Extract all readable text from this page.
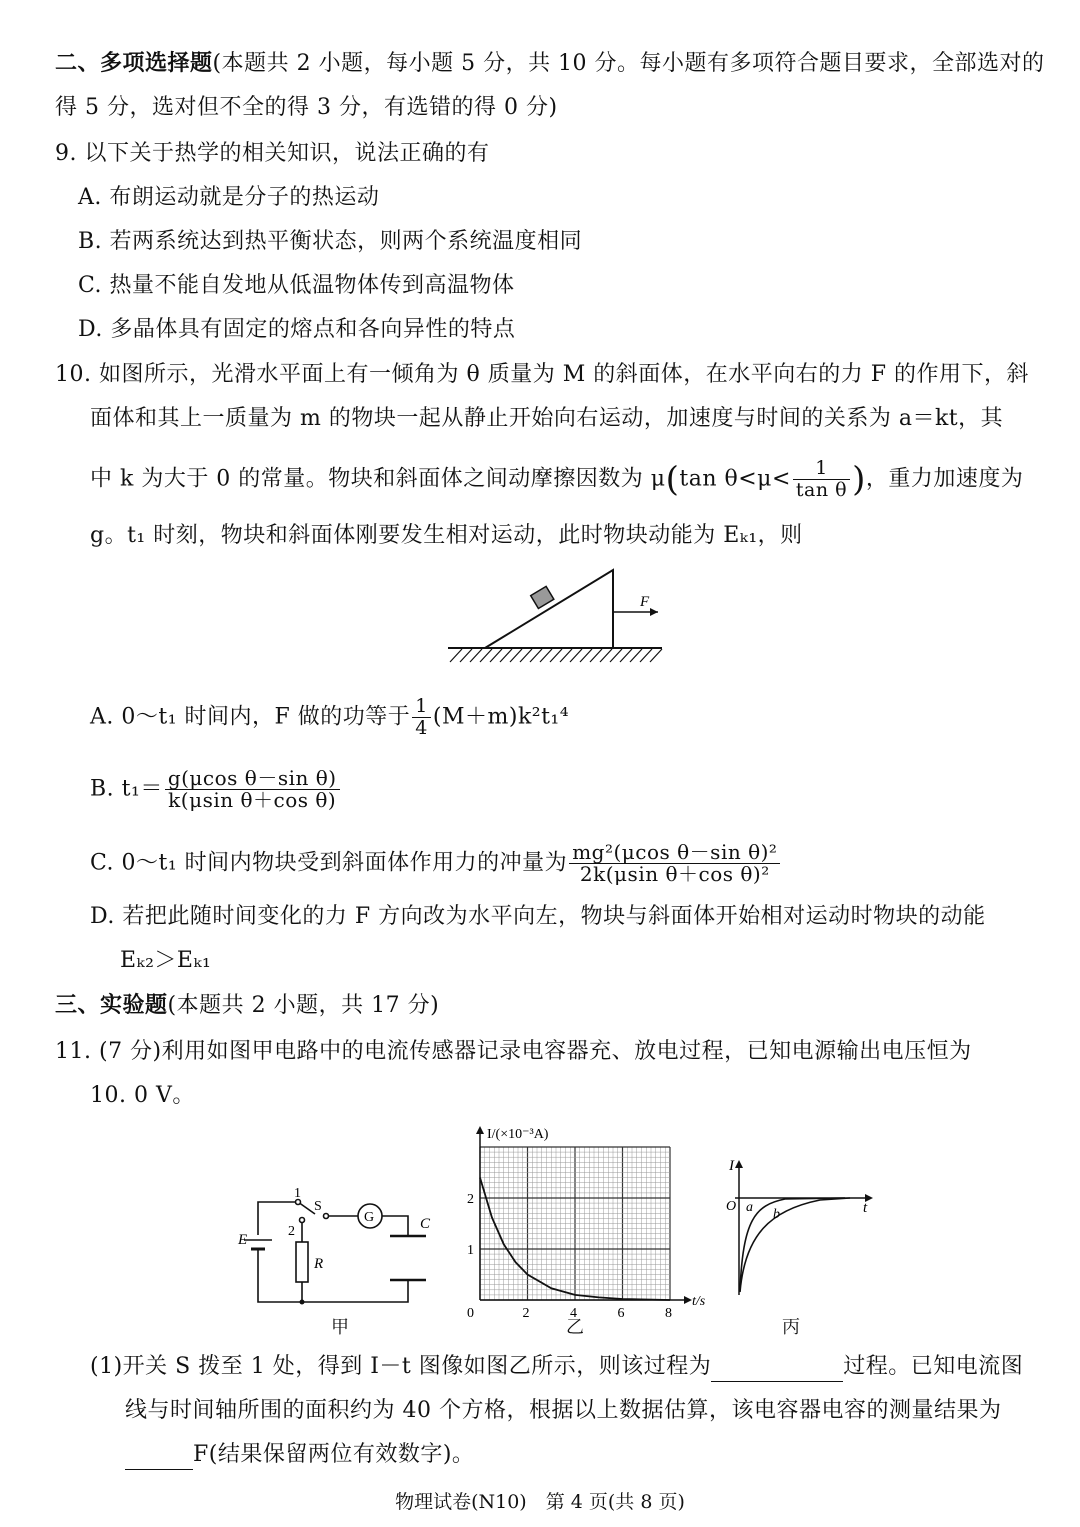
二、多项选择题(本题共 2 小题，每小题 5 分，共 10 分。每小题有多项符合题目要求，全部选对的
得 5 分，选对但不全的得 3 分，有选错的得 0 分)
9. 以下关于热学的相关知识，说法正确的有
A. 布朗运动就是分子的热运动
B. 若两系统达到热平衡状态，则两个系统温度相同
C. 热量不能自发地从低温物体传到高温物体
D. 多晶体具有固定的熔点和各向异性的特点
10. 如图所示，光滑水平面上有一倾角为 θ 质量为 M 的斜面体，在水平向右的力 F 的作用下，斜
面体和其上一质量为 m 的物块一起从静止开始向右运动，加速度与时间的关系为 a＝kt，其
中 k 为大于 0 的常量。物块和斜面体之间动摩擦因数为 μ(tan $\theta<\mu< \frac{1}{\text{tan θ}}$ )，重力加速度为
g。t₁ 时刻，物块和斜面体刚要发生相对运动，此时物块动能为 Eₖ₁，则
F
A. 0～t₁ 时间内，F 做的功等于 $\frac{1}{4} (M+m)k^2t_1^4$
B. $t_1= \frac{\text{g(μcos θ－sin θ)}}{\text{k(μsin θ＋cos θ)}}$
C. 0～t₁ 时间内物块受到斜面体作用力的冲量为 $\frac{\text{mg²(μcos θ－sin θ)²}}{\text{2k(μsin θ＋cos θ)²}}$
D. 若把此随时间变化的力 F 方向改为水平向左，物块与斜面体开始相对运动时物块的动能
Eₖ₂＞Eₖ₁
三、实验题(本题共 2 小题，共 17 分)
11. (7 分)利用如图甲电路中的电流传感器记录电容器充、放电过程，已知电源输出电压恒为
10. 0 V。
E
1
S
G	C
2
R
甲
0	2	4	6	8
1
2
t/s
I/(×10⁻³A)
乙
I
t
O a b
丙
(1)开关 S 拨至 1 处，得到 I－t 图像如图乙所示，则该过程为	过程。已知电流图
线与时间轴所围的面积约为 40 个方格，根据以上数据估算，该电容器电容的测量结果为
F(结果保留两位有效数字)。
物理试卷(N10)　第 4 页(共 8 页)
